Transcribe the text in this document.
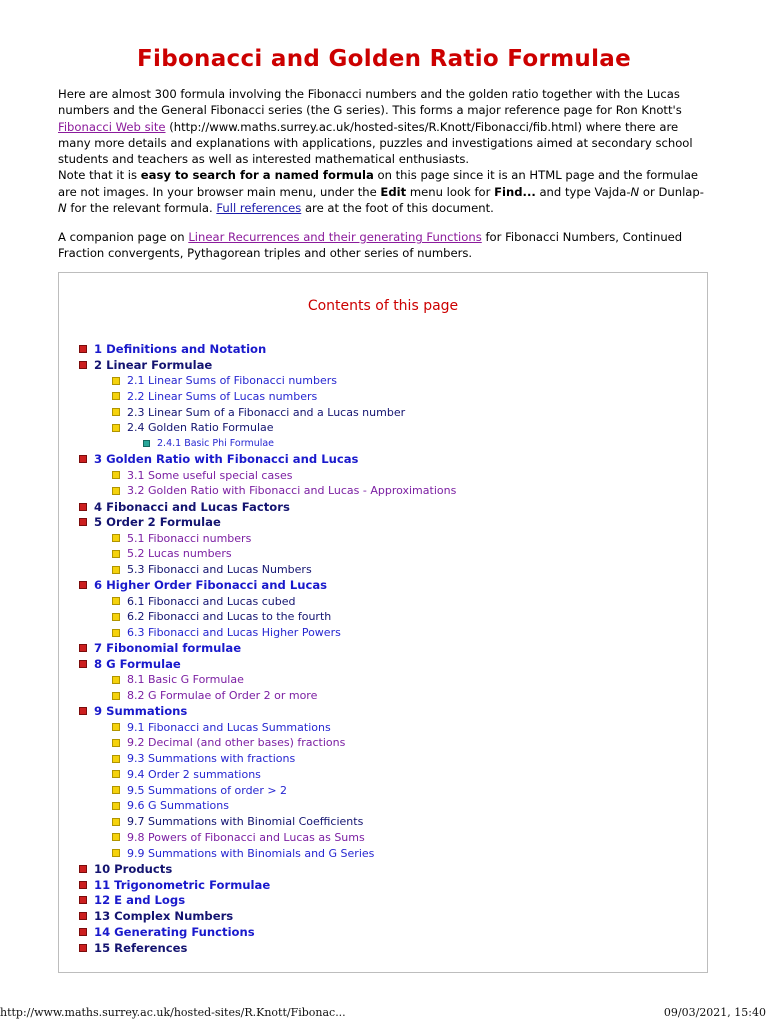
Fibonacci and Golden Ratio Formulae

Here are almost 300 formula involving the Fibonacci numbers and the golden ratio together with the Lucas numbers and the General Fibonacci series (the G series). This forms a major reference page for Ron Knott's Fibonacci Web site (http://www.maths.surrey.ac.uk/hosted-sites/R.Knott/Fibonacci/fib.html) where there are many more details and explanations with applications, puzzles and investigations aimed at secondary school students and teachers as well as interested mathematical enthusiasts.

Note that it is easy to search for a named formula on this page since it is an HTML page and the formulae are not images. In your browser main menu, under the Edit menu look for Find... and type Vajda-N or Dunlap-N for the relevant formula. Full references are at the foot of this document.

A companion page on Linear Recurrences and their generating Functions for Fibonacci Numbers, Continued Fraction convergents, Pythagorean triples and other series of numbers.

Contents of this page
1 Definitions and Notation
2 Linear Formulae
2.1 Linear Sums of Fibonacci numbers
2.2 Linear Sums of Lucas numbers
2.3 Linear Sum of a Fibonacci and a Lucas number
2.4 Golden Ratio Formulae
2.4.1 Basic Phi Formulae
3 Golden Ratio with Fibonacci and Lucas
3.1 Some useful special cases
3.2 Golden Ratio with Fibonacci and Lucas - Approximations
4 Fibonacci and Lucas Factors
5 Order 2 Formulae
5.1 Fibonacci numbers
5.2 Lucas numbers
5.3 Fibonacci and Lucas Numbers
6 Higher Order Fibonacci and Lucas
6.1 Fibonacci and Lucas cubed
6.2 Fibonacci and Lucas to the fourth
6.3 Fibonacci and Lucas Higher Powers
7 Fibonomial formulae
8 G Formulae
8.1 Basic G Formulae
8.2 G Formulae of Order 2 or more
9 Summations
9.1 Fibonacci and Lucas Summations
9.2 Decimal (and other bases) fractions
9.3 Summations with fractions
9.4 Order 2 summations
9.5 Summations of order > 2
9.6 G Summations
9.7 Summations with Binomial Coefficients
9.8 Powers of Fibonacci and Lucas as Sums
9.9 Summations with Binomials and G Series
10 Products
11 Trigonometric Formulae
12 E and Logs
13 Complex Numbers
14 Generating Functions
15 References
http://www.maths.surrey.ac.uk/hosted-sites/R.Knott/Fibonac...	09/03/2021, 15:40
